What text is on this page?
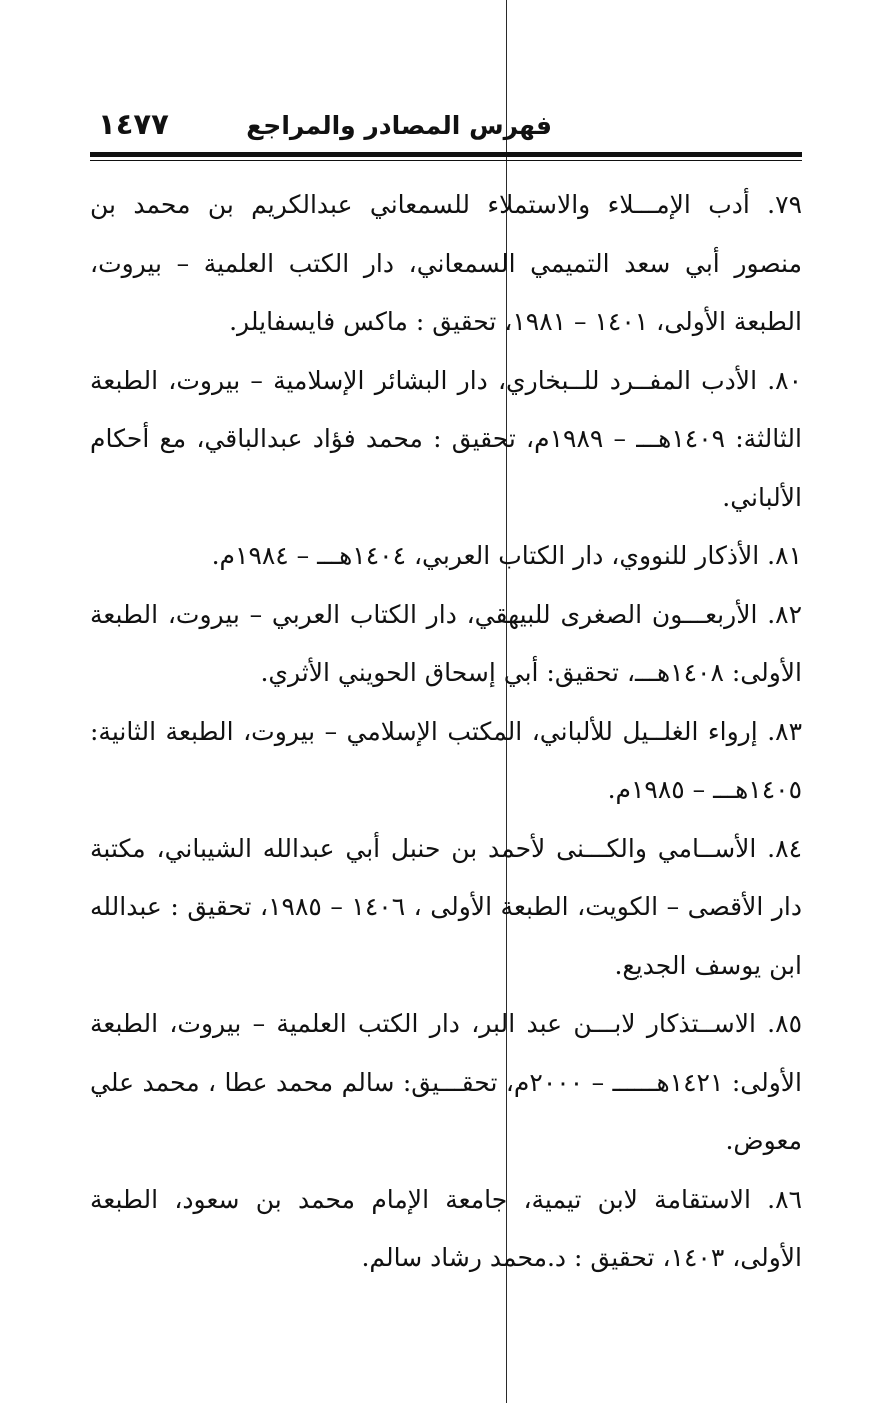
فهرس المصادر والمراجع
١٤٧٧

٧٩. أدب الإمـــلاء والاستملاء للسمعاني عبدالكريم بن محمد بن منصور أبي سعد التميمي السمعاني، دار الكتب العلمية – بيروت، الطبعة الأولى، ١٤٠١ – ١٩٨١، تحقيق : ماكس فايسفايلر.

٨٠. الأدب المفــرد للــبخاري، دار البشائر الإسلامية – بيروت، الطبعة الثالثة: ١٤٠٩هـــ – ١٩٨٩م، تحقيق : محمد فؤاد عبدالباقي، مع أحكام الألباني.

٨١. الأذكار للنووي، دار الكتاب العربي، ١٤٠٤هـــ – ١٩٨٤م.

٨٢. الأربعـــون الصغرى للبيهقي، دار الكتاب العربي – بيروت، الطبعة الأولى: ١٤٠٨هـــ، تحقيق: أبي إسحاق الحويني الأثري.

٨٣. إرواء الغلــيل للألباني، المكتب الإسلامي – بيروت، الطبعة الثانية: ١٤٠٥هـــ – ١٩٨٥م.

٨٤. الأســامي والكـــنى لأحمد بن حنبل أبي عبدالله الشيباني، مكتبة دار الأقصى – الكويت، الطبعة الأولى ، ١٤٠٦ – ١٩٨٥، تحقيق : عبدالله ابن يوسف الجديع.

٨٥. الاســتذكار لابـــن عبد البر، دار الكتب العلمية – بيروت، الطبعة الأولى: ١٤٢١هــــــ – ٢٠٠٠م، تحقـــيق: سالم محمد عطا ، محمد علي معوض.

٨٦. الاستقامة لابن تيمية، جامعة الإمام محمد بن سعود، الطبعة الأولى، ١٤٠٣، تحقيق : د.محمد رشاد سالم.
